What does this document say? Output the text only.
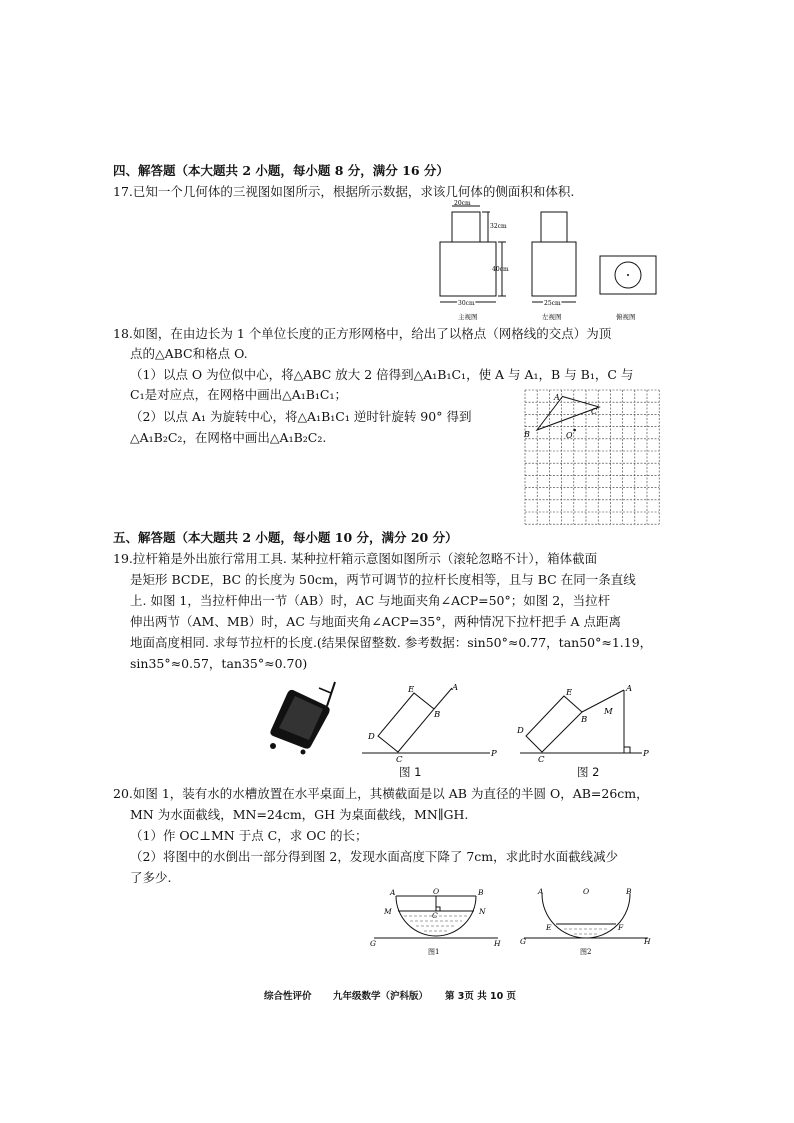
四、解答题（本大题共 2 小题，每小题 8 分，满分 16 分）
17.已知一个几何体的三视图如图所示，根据所示数据，求该几何体的侧面积和体积.
20cm
32cm
40cm
30cm	25cm
主视图	左视图	俯视图
18.如图，在由边长为 1 个单位长度的正方形网格中，给出了以格点（网格线的交点）为顶
点的△ABC和格点 O.
（1）以点 O 为位似中心，将△ABC 放大 2 倍得到△A₁B₁C₁，使 A 与 A₁，B 与 B₁，C 与
C₁是对应点，在网格中画出△A₁B₁C₁；
（2）以点 A₁ 为旋转中心，将△A₁B₁C₁ 逆时针旋转 90° 得到
△A₁B₂C₂，在网格中画出△A₁B₂C₂.
A
B
C
O
五、解答题（本大题共 2 小题，每小题 10 分，满分 20 分）
19.拉杆箱是外出旅行常用工具. 某种拉杆箱示意图如图所示（滚轮忽略不计），箱体截面
是矩形 BCDE，BC 的长度为 50cm，两节可调节的拉杆长度相等，且与 BC 在同一条直线
上. 如图 1，当拉杆伸出一节（AB）时，AC 与地面夹角∠ACP=50°；如图 2，当拉杆
伸出两节（AM、MB）时，AC 与地面夹角∠ACP=35°，两种情况下拉杆把手 A 点距离
地面高度相同. 求每节拉杆的长度.(结果保留整数. 参考数据：sin50°≈0.77，tan50°≈1.19，
sin35°≈0.57，tan35°≈0.70)
E	A
B
D
C
P
图 1
E	A
M
B
D
C
P
图 2
20.如图 1，装有水的水槽放置在水平桌面上，其横截面是以 AB 为直径的半圆 O，AB=26cm，
MN 为水面截线，MN=24cm，GH 为桌面截线，MN∥GH.
（1）作 OC⊥MN 于点 C，求 OC 的长；
（2）将图中的水倒出一部分得到图 2，发现水面高度下降了 7cm，求此时水面截线减少
了多少.
A	O	B
M	C	N
G	H
图1
A	O	B
E	F
G	H
图2
综合性评价 九年级数学（沪科版） 第 3页 共 10 页
